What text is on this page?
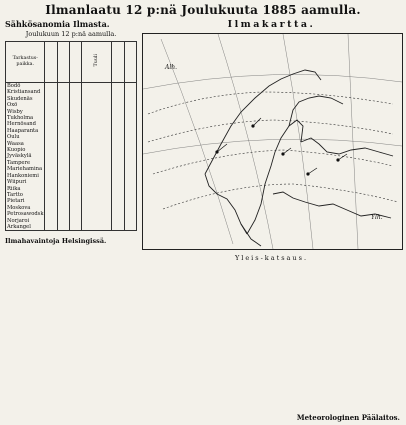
Ilmanlaatu 12 p:nä Joulukuuta 1885 aamulla.
Sähkösanomia Ilmasta.
Joulukuun 12 p:nä aamulla.
Tarkastus-paikka.				Tuuli		
Bodö						
Kristiansand						
Skudenäs						
Oxö						
Wisby						
Tukholma						
Hernösand						
Haaparanta						
Oulu						
Waasa						
Kuopio						
Jyväskylä						
Tampere						
Mariehamina						
Hankoniemi						
Wiipuri						
Riika						
Tartto						
Pietari						
Moskova						
Petrosawodsk						
Norjaroi						
Arkangel						
Ilmahavaintoja Helsingissä.
Ilmakartta.
Alh.
Ylh.
Yleis-katsaus.
Meteorologinen Päälaitos.
